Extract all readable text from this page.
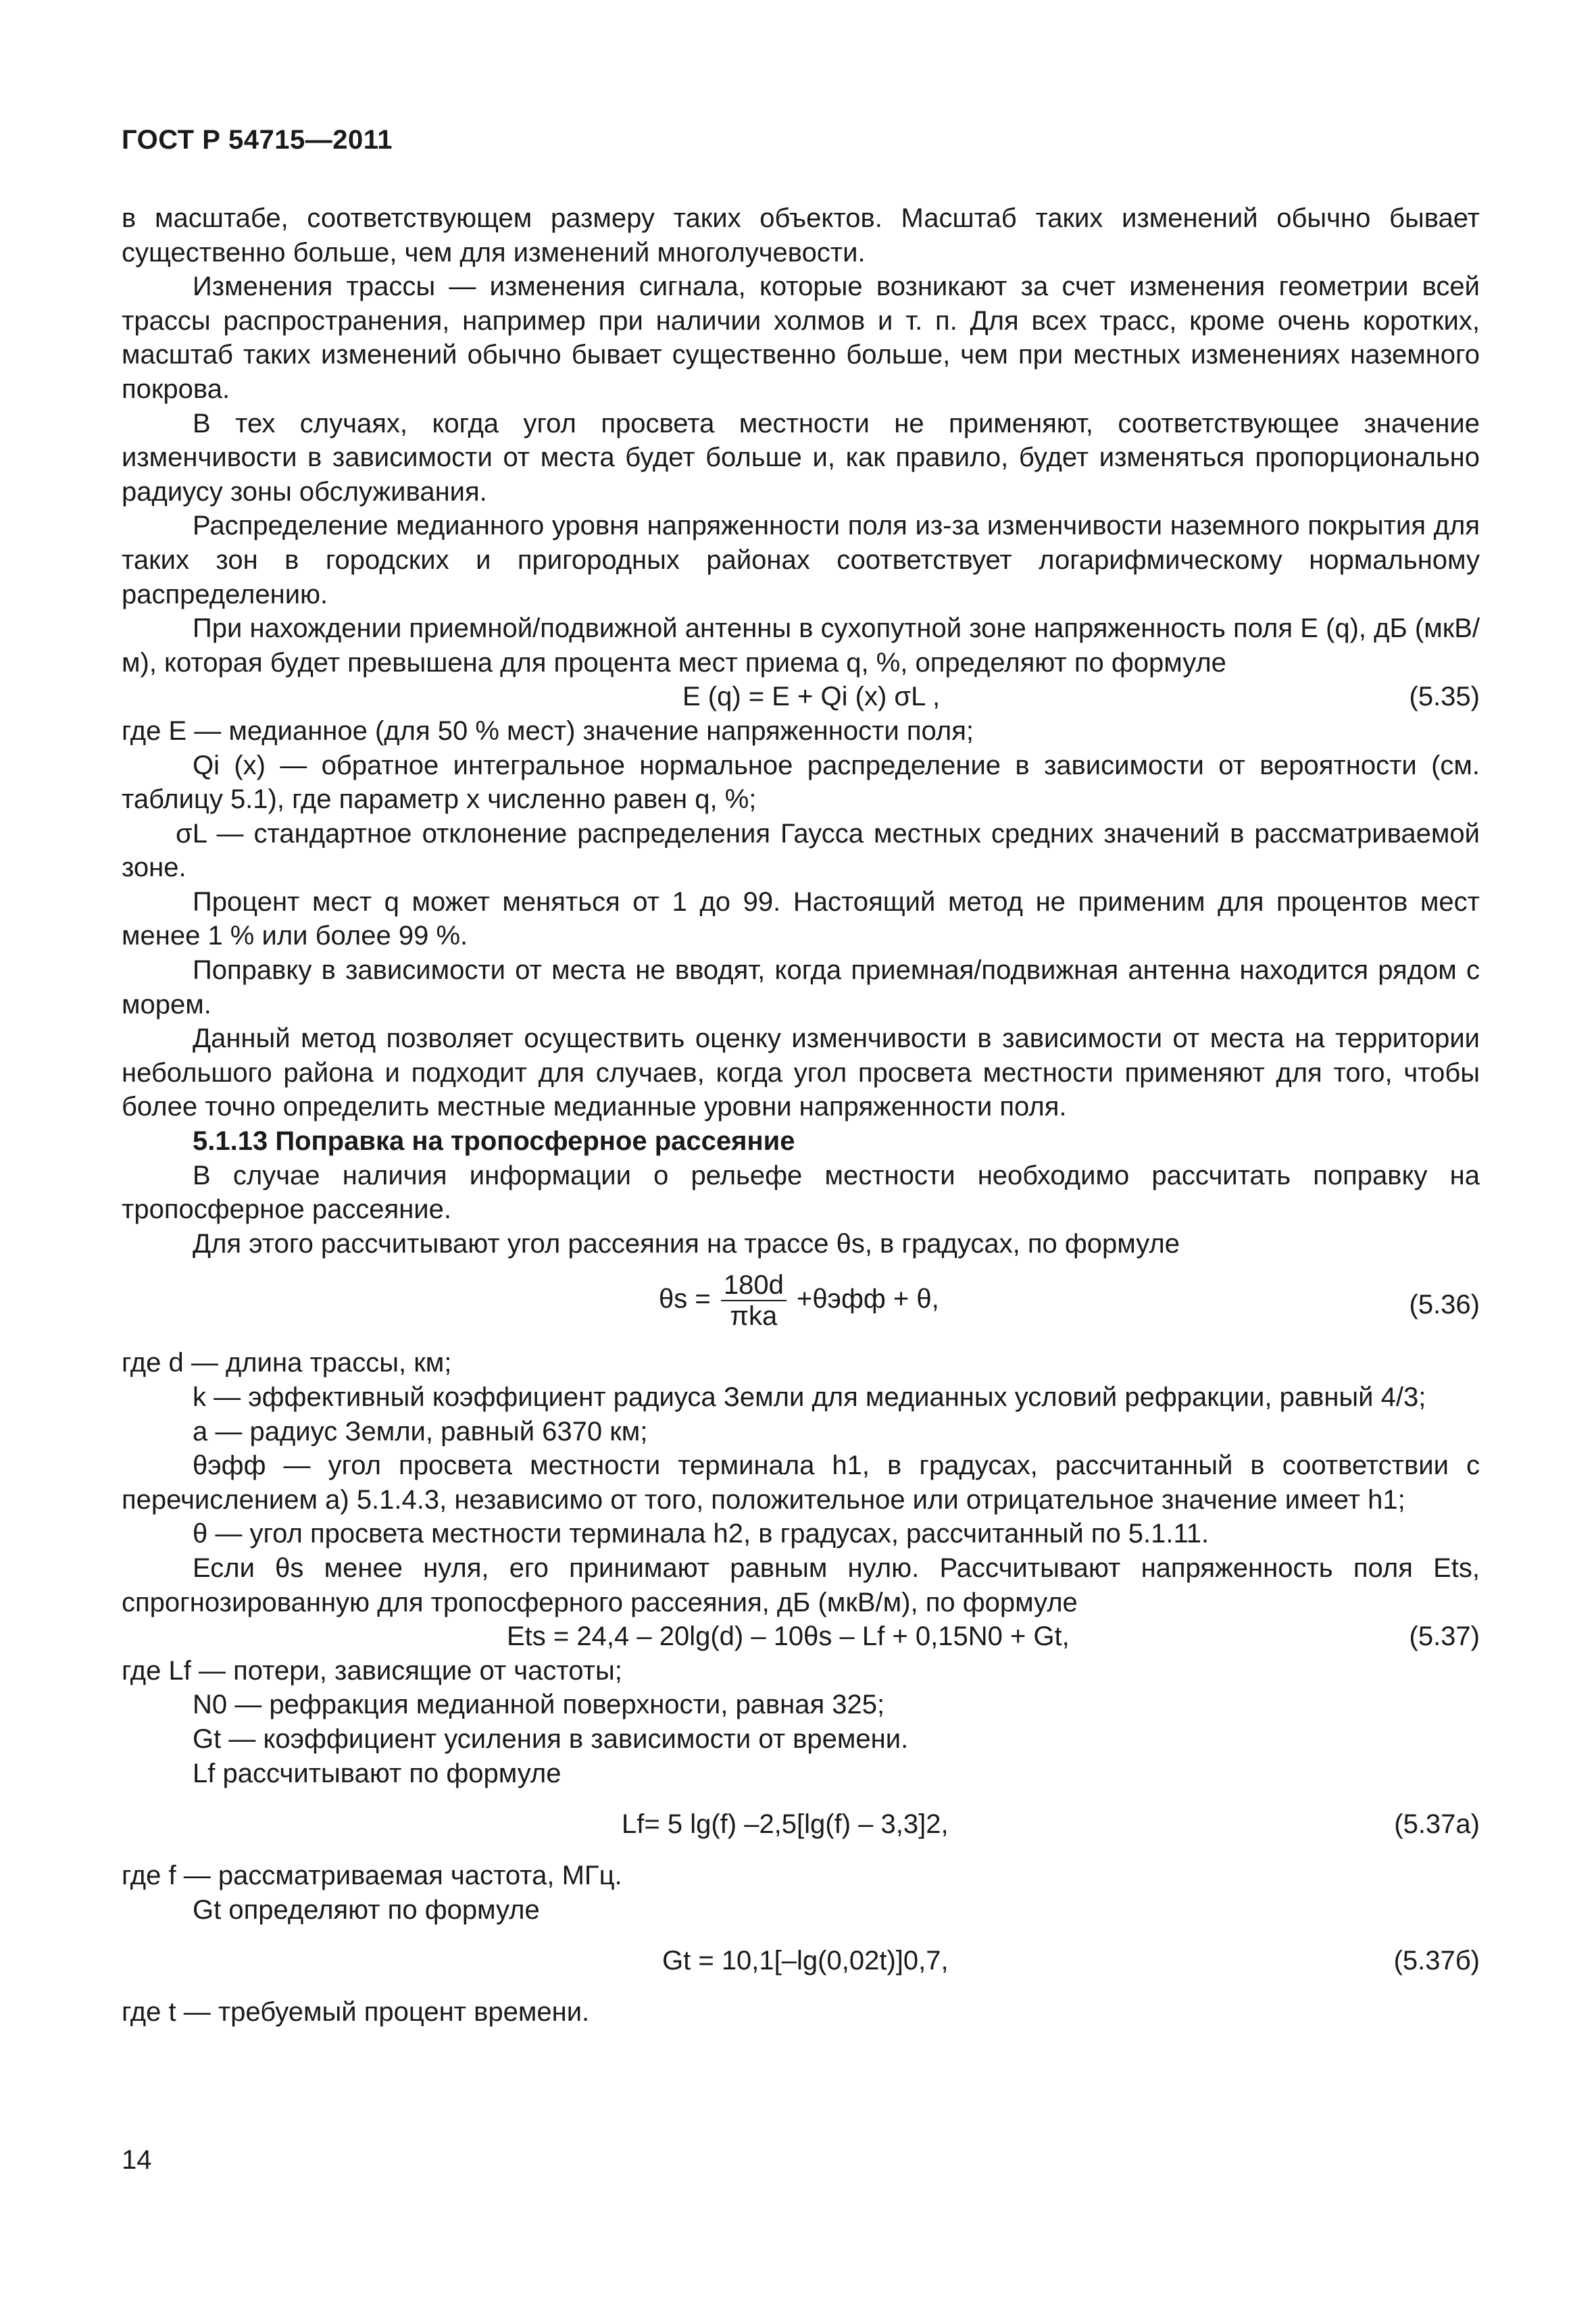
ГОСТ Р 54715—2011

в масштабе, соответствующем размеру таких объектов. Масштаб таких изменений обычно бывает существенно больше, чем для изменений многолучевости.

Изменения трассы — изменения сигнала, которые возникают за счет изменения геометрии всей трассы распространения, например при наличии холмов и т. п. Для всех трасс, кроме очень коротких, масштаб таких изменений обычно бывает существенно больше, чем при местных изменениях наземного покрова.

В тех случаях, когда угол просвета местности не применяют, соответствующее значение изменчивости в зависимости от места будет больше и, как правило, будет изменяться пропорционально радиусу зоны обслуживания.

Распределение медианного уровня напряженности поля из-за изменчивости наземного покрытия для таких зон в городских и пригородных районах соответствует логарифмическому нормальному распределению.

При нахождении приемной/подвижной антенны в сухопутной зоне напряженность поля E (q), дБ (мкВ/м), которая будет превышена для процента мест приема q, %, определяют по формуле

E (q) = E + Qi (x) σL ,	(5.35)

где E — медианное (для 50 % мест) значение напряженности поля;

Qi (x) — обратное интегральное нормальное распределение в зависимости от вероятности (см. таблицу 5.1), где параметр x численно равен q, %;

σL — стандартное отклонение распределения Гаусса местных средних значений в рассматриваемой зоне.

Процент мест q может меняться от 1 до 99. Настоящий метод не применим для процентов мест менее 1 % или более 99 %.

Поправку в зависимости от места не вводят, когда приемная/подвижная антенна находится рядом с морем.

Данный метод позволяет осуществить оценку изменчивости в зависимости от места на территории небольшого района и подходит для случаев, когда угол просвета местности применяют для того, чтобы более точно определить местные медианные уровни напряженности поля.

5.1.13 Поправка на тропосферное рассеяние

В случае наличия информации о рельефе местности необходимо рассчитать поправку на тропосферное рассеяние.

Для этого рассчитывают угол рассеяния на трассе θs, в градусах, по формуле

$\theta s = \frac{180d}{\text{πka}} +\theta эфф + \theta$,	(5.36)

где d — длина трассы, км;

k — эффективный коэффициент радиуса Земли для медианных условий рефракции, равный 4/3;

a — радиус Земли, равный 6370 км;

θэфф — угол просвета местности терминала h1, в градусах, рассчитанный в соответствии с перечислением а) 5.1.4.3, независимо от того, положительное или отрицательное значение имеет h1;

θ — угол просвета местности терминала h2, в градусах, рассчитанный по 5.1.11.

Если θs менее нуля, его принимают равным нулю. Рассчитывают напряженность поля Ets, спрогнозированную для тропосферного рассеяния, дБ (мкВ/м), по формуле

Ets = 24,4 – 20lg(d) – 10θs – Lf + 0,15N0 + Gt,	(5.37)

где Lf — потери, зависящие от частоты;

N0 — рефракция медианной поверхности, равная 325;

Gt — коэффициент усиления в зависимости от времени.

Lf рассчитывают по формуле

Lf= 5 lg(f) –2,5[lg(f) – 3,3]2,	(5.37а)

где f — рассматриваемая частота, МГц.

Gt определяют по формуле

Gt = 10,1[–lg(0,02t)]0,7,	(5.37б)

где t — требуемый процент времени.

14
